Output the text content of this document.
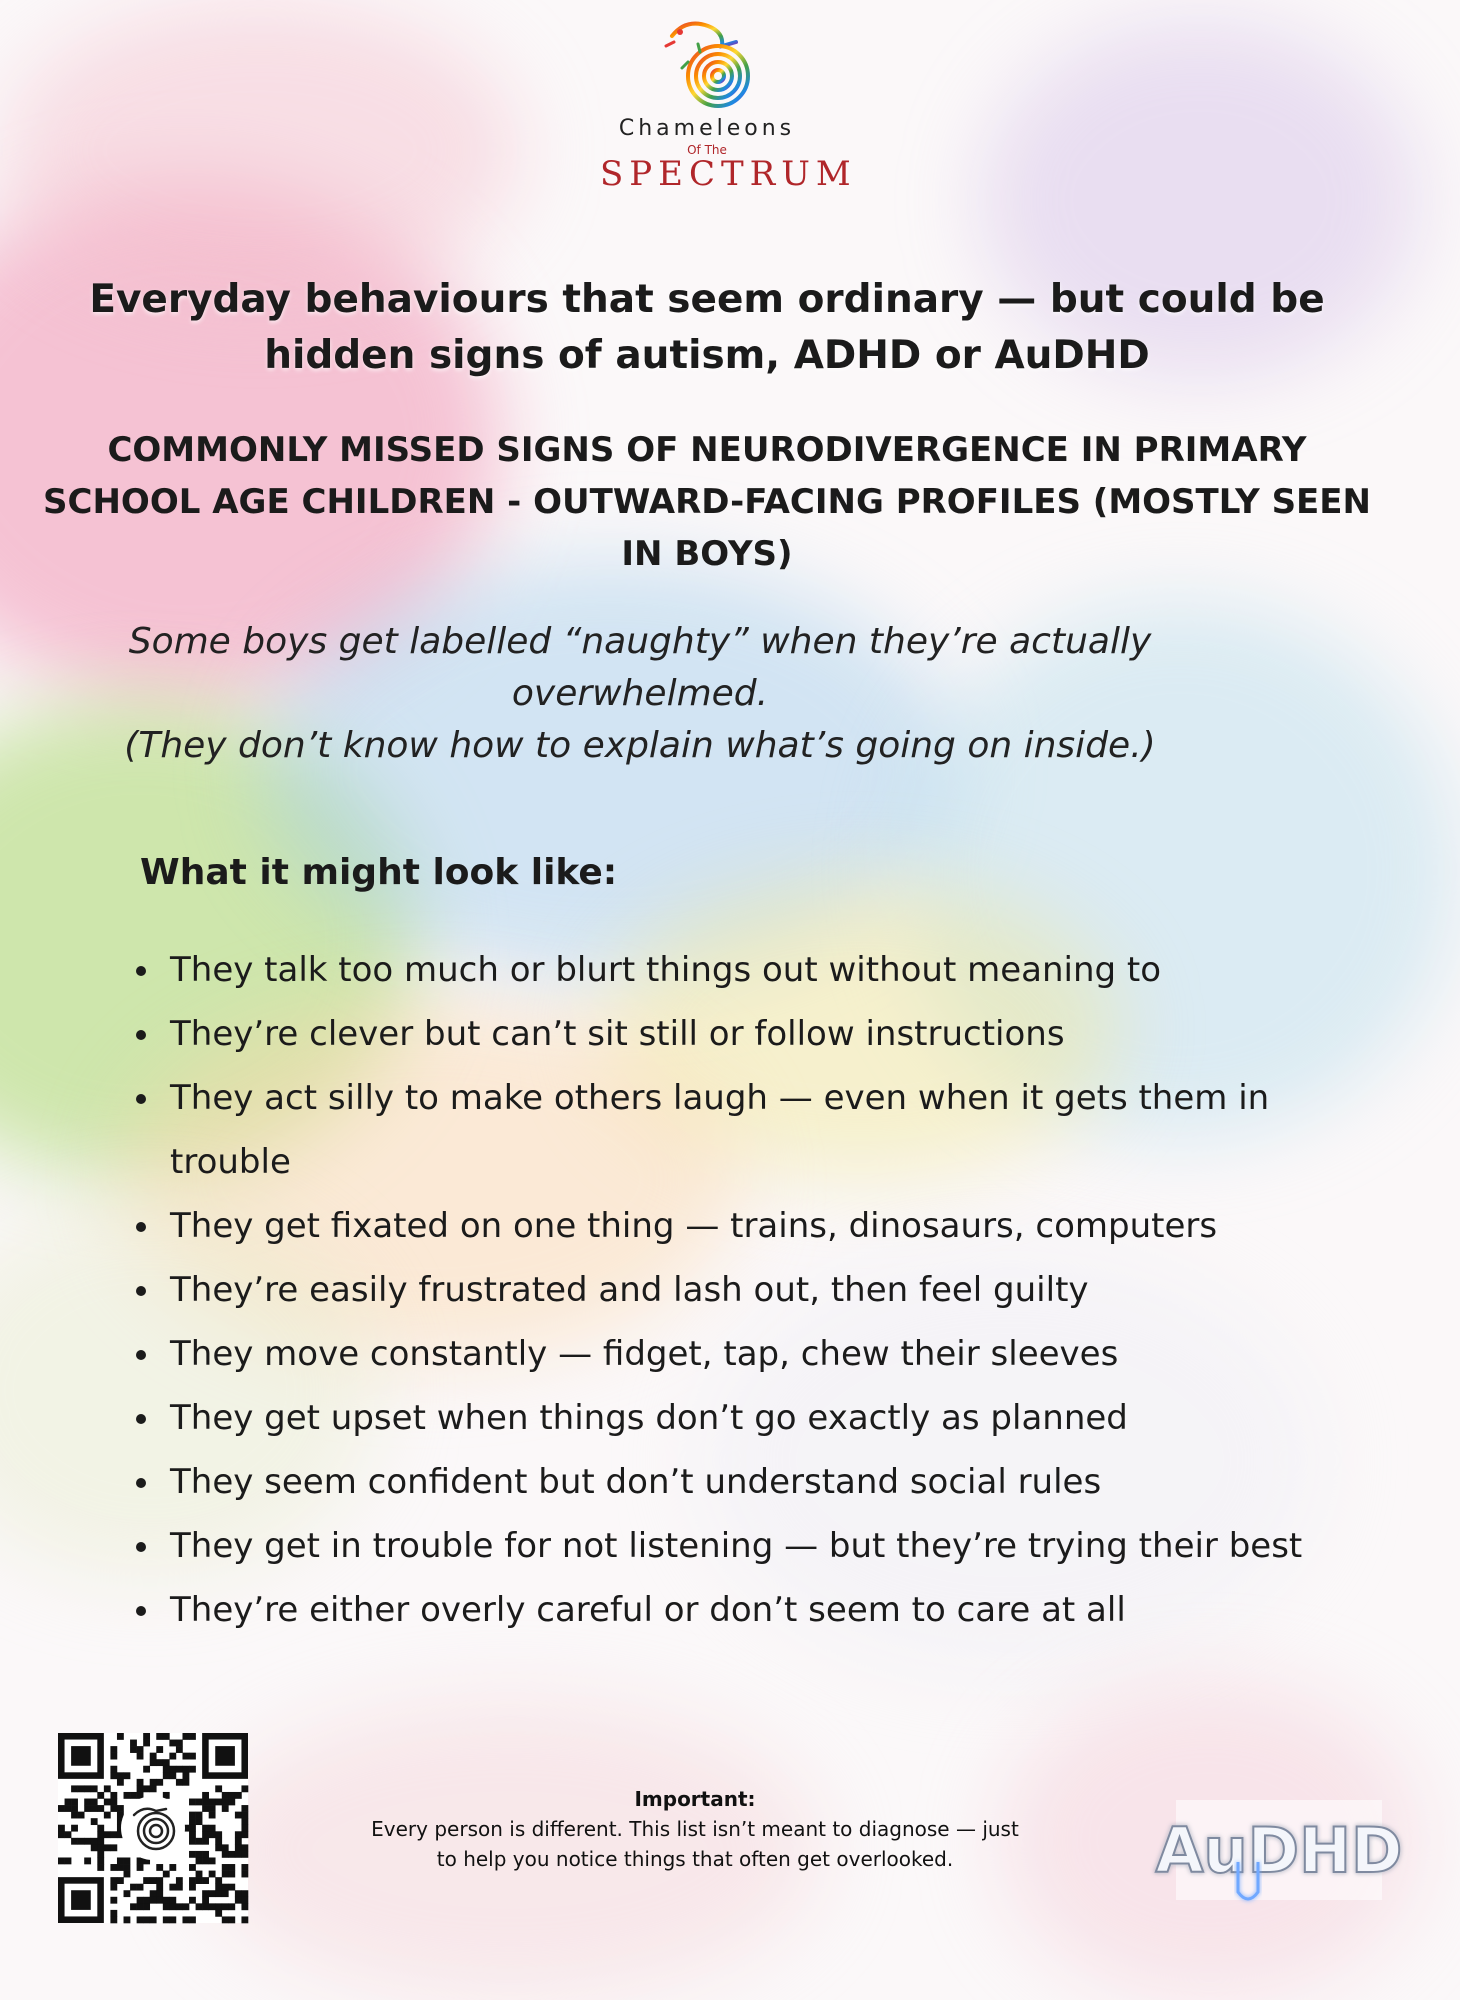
Chameleons
Of The
SPECTRUM
Everyday behaviours that seem ordinary — but could be hidden signs of autism, ADHD or AuDHD
COMMONLY MISSED SIGNS OF NEURODIVERGENCE IN PRIMARY SCHOOL AGE CHILDREN - OUTWARD-FACING PROFILES (MOSTLY SEEN IN BOYS)

Some boys get labelled “naughty” when they’re actually overwhelmed.

(They don’t know how to explain what’s going on inside.)

What it might look like:
They talk too much or blurt things out without meaning to
They’re clever but can’t sit still or follow instructions
They act silly to make others laugh — even when it gets them in trouble
They get fixated on one thing — trains, dinosaurs, computers
They’re easily frustrated and lash out, then feel guilty
They move constantly — fidget, tap, chew their sleeves
They get upset when things don’t go exactly as planned
They seem confident but don’t understand social rules
They get in trouble for not listening — but they’re trying their best
They’re either overly careful or don’t seem to care at all
Important:
Every person is different. This list isn’t meant to diagnose — just to help you notice things that often get overlooked.	AuDHD
